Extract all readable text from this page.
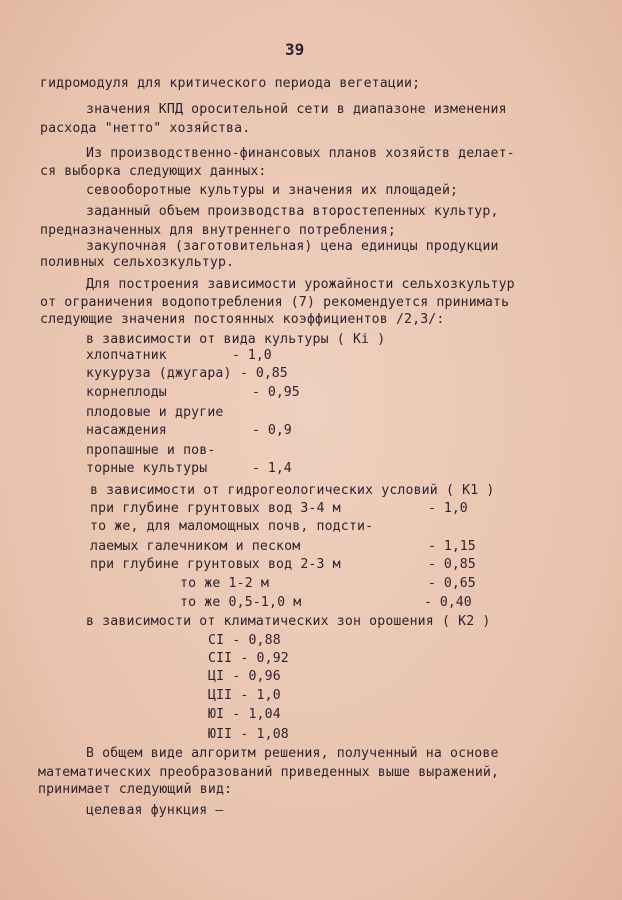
39
гидромодуля для критического периода вегетации;
значения КПД оросительной сети в диапазоне изменения
расхода "нетто" хозяйства.
Из производственно-финансовых планов хозяйств делает-
ся выборка следующих данных:
севооборотные культуры и значения их площадей;
заданный объем производства второстепенных культур,
предназначенных для внутреннего потребления;
закупочная (заготовительная) цена единицы продукции
поливных сельхозкультур.
Для построения зависимости урожайности сельхозкультур
от ограничения водопотребления (7) рекомендуется принимать
следующие значения постоянных коэффициентов /2,3/:
в зависимости от вида культуры ( Ki )
хлопчатник	- 1,0
кукуруза (джугара) - 0,85
корнеплоды	- 0,95
плодовые и другие
насаждения	- 0,9
пропашные и пов-
торные культуры	- 1,4
в зависимости от гидрогеологических условий ( K1 )
при глубине грунтовых вод 3-4 м	- 1,0
то же, для маломощных почв, подсти-
лаемых галечником и песком	- 1,15
при глубине грунтовых вод 2-3 м	- 0,85
то же 1-2 м	- 0,65
то же 0,5-1,0 м	- 0,40
в зависимости от климатических зон орошения ( K2 )
CI - 0,88
CII - 0,92
ЦI - 0,96
ЦII - 1,0
ЮI - 1,04
ЮII - 1,08
В общем виде алгоритм решения, полученный на основе
математических преобразований приведенных выше выражений,
принимает следующий вид:
целевая функция —
